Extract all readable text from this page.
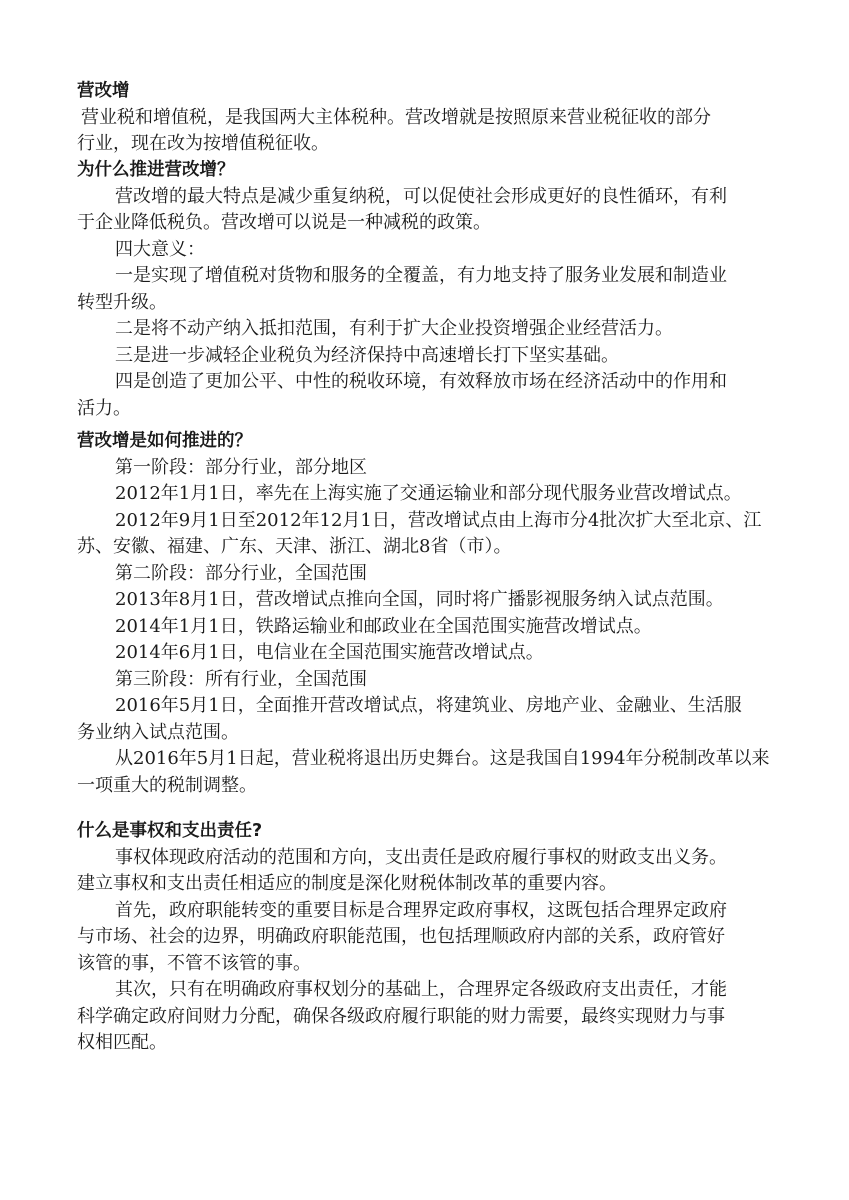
营改增
营业税和增值税，是我国两大主体税种。营改增就是按照原来营业税征收的部分
行业，现在改为按增值税征收。
为什么推进营改增？
营改增的最大特点是减少重复纳税，可以促使社会形成更好的良性循环，有利
于企业降低税负。营改增可以说是一种减税的政策。
四大意义：
一是实现了增值税对货物和服务的全覆盖，有力地支持了服务业发展和制造业
转型升级。
二是将不动产纳入抵扣范围，有利于扩大企业投资增强企业经营活力。
三是进一步减轻企业税负为经济保持中高速增长打下坚实基础。
四是创造了更加公平、中性的税收环境，有效释放市场在经济活动中的作用和
活力。
营改增是如何推进的？
第一阶段：部分行业，部分地区
2012年1月1日，率先在上海实施了交通运输业和部分现代服务业营改增试点。
2012年9月1日至2012年12月1日，营改增试点由上海市分4批次扩大至北京、江
苏、安徽、福建、广东、天津、浙江、湖北8省（市）。
第二阶段：部分行业，全国范围
2013年8月1日，营改增试点推向全国，同时将广播影视服务纳入试点范围。
2014年1月1日，铁路运输业和邮政业在全国范围实施营改增试点。
2014年6月1日，电信业在全国范围实施营改增试点。
第三阶段：所有行业，全国范围
2016年5月1日，全面推开营改增试点，将建筑业、房地产业、金融业、生活服
务业纳入试点范围。
从2016年5月1日起，营业税将退出历史舞台。这是我国自1994年分税制改革以来
一项重大的税制调整。
什么是事权和支出责任?
事权体现政府活动的范围和方向，支出责任是政府履行事权的财政支出义务。
建立事权和支出责任相适应的制度是深化财税体制改革的重要内容。
首先，政府职能转变的重要目标是合理界定政府事权，这既包括合理界定政府
与市场、社会的边界，明确政府职能范围，也包括理顺政府内部的关系，政府管好
该管的事，不管不该管的事。
其次，只有在明确政府事权划分的基础上，合理界定各级政府支出责任，才能
科学确定政府间财力分配，确保各级政府履行职能的财力需要，最终实现财力与事
权相匹配。
